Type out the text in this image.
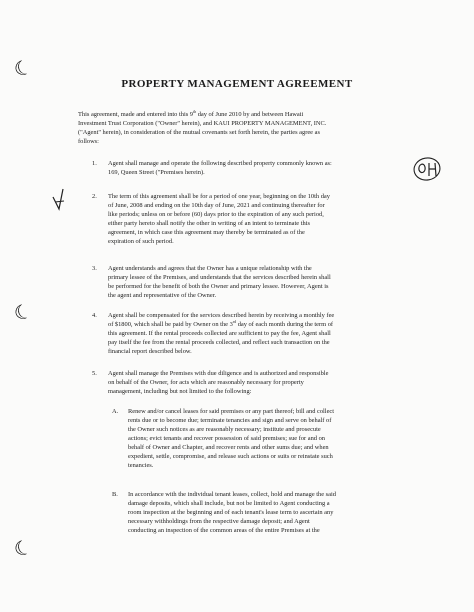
☾
☾
☾
PROPERTY MANAGEMENT AGREEMENT
This agreement, made and entered into this 9th day of June 2010 by and between Hawaii
Investment Trust Corporation ("Owner" herein), and KAUI PROPERTY MANAGEMENT, INC.
("Agent" herein), in consideration of the mutual covenants set forth herein, the parties agree as
follows:
1. Agent shall manage and operate the following described property commonly known as:
169, Queen Street ("Premises herein).
2. The term of this agreement shall be for a period of one year, beginning on the 10th day
of June, 2008 and ending on the 10th day of June, 2021 and continuing thereafter for
like periods; unless on or before (60) days prior to the expiration of any such period,
either party hereto shall notify the other in writing of an intent to terminate this
agreement, in which case this agreement may thereby be terminated as of the
expiration of such period.
3. Agent understands and agrees that the Owner has a unique relationship with the
primary lessee of the Premises, and understands that the services described herein shall
be performed for the benefit of both the Owner and primary lessee. However, Agent is
the agent and representative of the Owner.
4. Agent shall be compensated for the services described herein by receiving a monthly fee
of $1800, which shall be paid by Owner on the 3rd day of each month during the term of
this agreement. If the rental proceeds collected are sufficient to pay the fee, Agent shall
pay itself the fee from the rental proceeds collected, and reflect such transaction on the
financial report described below.
5. Agent shall manage the Premises with due diligence and is authorized and responsible
on behalf of the Owner, for acts which are reasonably necessary for property
management, including but not limited to the following:
A. Renew and/or cancel leases for said premises or any part thereof; bill and collect
rents due or to become due; terminate tenancies and sign and serve on behalf of
the Owner such notices as are reasonably necessary; institute and prosecute
actions; evict tenants and recover possession of said premises; sue for and on
behalf of Owner and Chapter, and recover rents and other sums due; and when
expedient, settle, compromise, and release such actions or suits or reinstate such
tenancies.
B. In accordance with the individual tenant leases, collect, hold and manage the said
damage deposits, which shall include, but not be limited to Agent conducting a
room inspection at the beginning and of each tenant's lease term to ascertain any
necessary withholdings from the respective damage deposit; and Agent
conducting an inspection of the common areas of the entire Premises at the
